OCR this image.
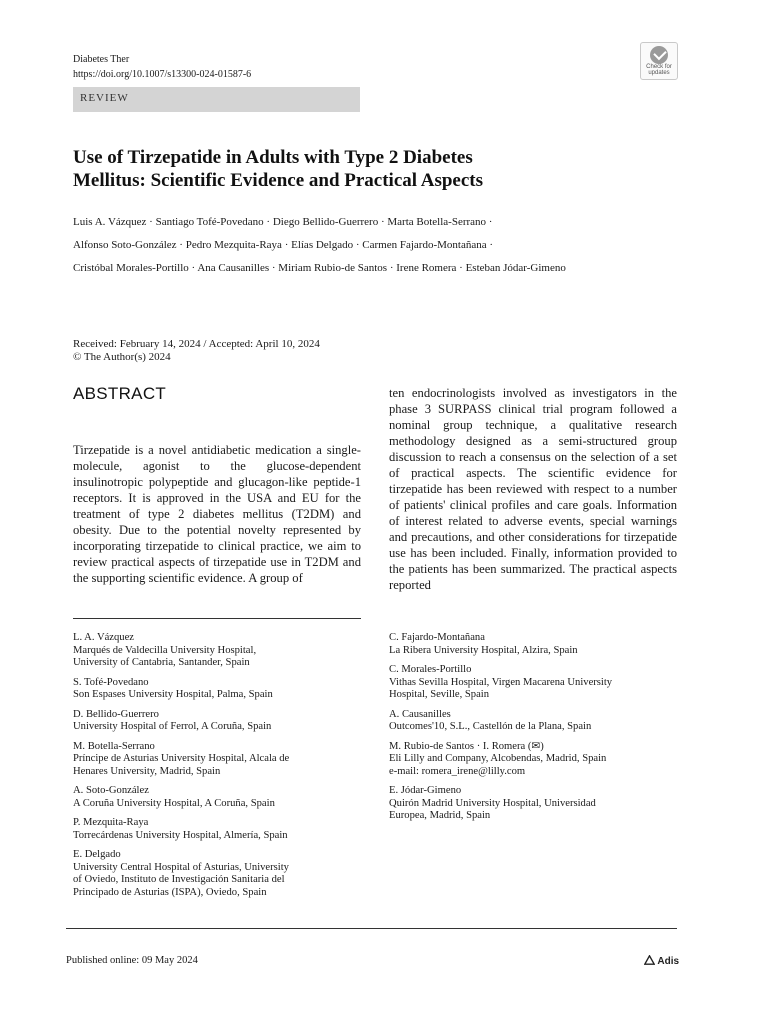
Diabetes Ther
https://doi.org/10.1007/s13300-024-01587-6
Check for
updates
REVIEW
Use of Tirzepatide in Adults with Type 2 Diabetes
Mellitus: Scientific Evidence and Practical Aspects
Luis A. Vázquez · Santiago Tofé-Povedano · Diego Bellido-Guerrero · Marta Botella-Serrano ·
Alfonso Soto-González · Pedro Mezquita-Raya · Elías Delgado · Carmen Fajardo-Montañana ·
Cristóbal Morales-Portillo · Ana Causanilles · Miriam Rubio-de Santos · Irene Romera · Esteban Jódar-Gimeno
Received: February 14, 2024 / Accepted: April 10, 2024
© The Author(s) 2024
ABSTRACT
Tirzepatide is a novel antidiabetic medication a single-molecule, agonist to the glucose-dependent insulinotropic polypeptide and glucagon-like peptide-1 receptors. It is approved in the USA and EU for the treatment of type 2 diabetes mellitus (T2DM) and obesity. Due to the potential novelty represented by incorporating tirzepatide to clinical practice, we aim to review practical aspects of tirzepatide use in T2DM and the supporting scientific evidence. A group of
ten endocrinologists involved as investigators in the phase 3 SURPASS clinical trial program followed a nominal group technique, a qualitative research methodology designed as a semi-structured group discussion to reach a consensus on the selection of a set of practical aspects. The scientific evidence for tirzepatide has been reviewed with respect to a number of patients' clinical profiles and care goals. Information of interest related to adverse events, special warnings and precautions, and other considerations for tirzepatide use has been included. Finally, information provided to the patients has been summarized. The practical aspects reported
L. A. Vázquez
Marqués de Valdecilla University Hospital,
University of Cantabria, Santander, Spain
S. Tofé-Povedano
Son Espases University Hospital, Palma, Spain
D. Bellido-Guerrero
University Hospital of Ferrol, A Coruña, Spain
M. Botella-Serrano
Príncipe de Asturias University Hospital, Alcala de
Henares University, Madrid, Spain
A. Soto-González
A Coruña University Hospital, A Coruña, Spain
P. Mezquita-Raya
Torrecárdenas University Hospital, Almería, Spain
E. Delgado
University Central Hospital of Asturias, University
of Oviedo, Instituto de Investigación Sanitaria del
Principado de Asturias (ISPA), Oviedo, Spain
C. Fajardo-Montañana
La Ribera University Hospital, Alzira, Spain
C. Morales-Portillo
Vithas Sevilla Hospital, Virgen Macarena University
Hospital, Seville, Spain
A. Causanilles
Outcomes'10, S.L., Castellón de la Plana, Spain
M. Rubio-de Santos · I. Romera (✉)
Eli Lilly and Company, Alcobendas, Madrid, Spain
e-mail: romera_irene@lilly.com
E. Jódar-Gimeno
Quirón Madrid University Hospital, Universidad
Europea, Madrid, Spain
Published online: 09 May 2024	Adis
